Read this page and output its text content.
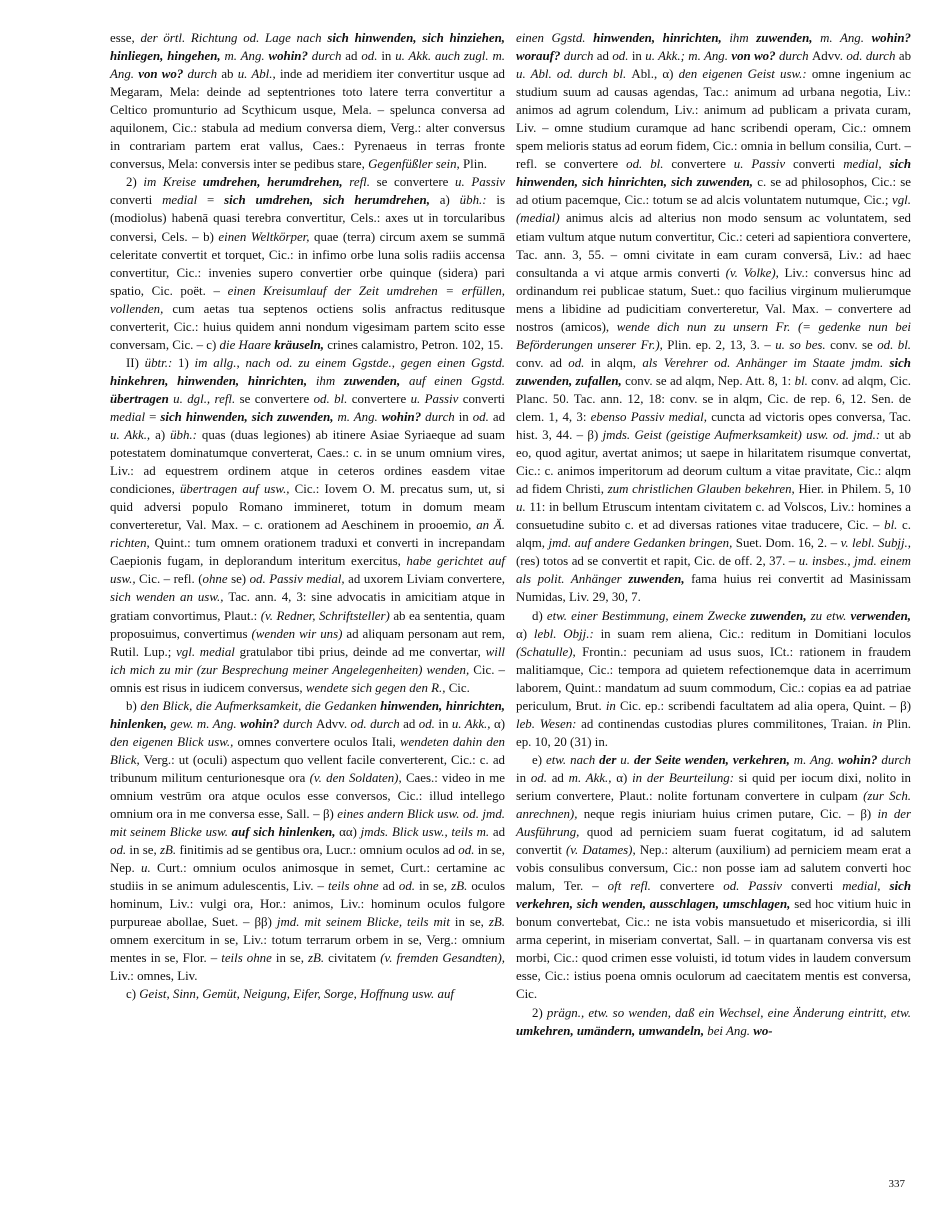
esse, der örtl. Richtung od. Lage nach sich hinwenden, sich hinziehen, hinliegen, hingehen, m. Ang. wohin? durch ad od. in u. Akk. auch zugl. m. Ang. von wo? durch ab u. Abl., inde ad meridiem iter convertitur usque ad Megaram, Mela: deinde ad septentriones toto latere terra convertitur a Celtico promunturio ad Scythicum usque, Mela. – spelunca conversa ad aquilonem, Cic.: stabula ad medium conversa diem, Verg.: alter conversus in contrariam partem erat vallus, Caes.: Pyrenaeus in terras fronte conversus, Mela: conversis inter se pedibus stare, Gegenfüßler sein, Plin.

2) im Kreise umdrehen, herumdrehen, refl. se convertere u. Passiv converti medial = sich umdrehen, sich herumdrehen, a) übh.: is (modiolus) habenā quasi terebra convertitur, Cels.: axes ut in torcularibus conversi, Cels. – b) einen Weltkörper, quae (terra) circum axem se summā celeritate convertit et torquet, Cic.: in infimo orbe luna solis radiis accensa convertitur, Cic.: invenies supero convertier orbe quinque (sidera) pari spatio, Cic. poët. – einen Kreisumlauf der Zeit umdrehen = erfüllen, vollenden, cum aetas tua septenos octiens solis anfractus reditusque converterit, Cic.: huius quidem anni nondum vigesimam partem scito esse conversam, Cic. – c) die Haare kräuseln, crines calamistro, Petron. 102, 15.

II) übtr.: 1) im allg., nach od. zu einem Ggstde., gegen einen Ggstd. hinkehren, hinwenden, hinrichten, ihm zuwenden, auf einen Ggstd. übertragen u. dgl., refl. se convertere od. bl. convertere u. Passiv converti medial = sich hinwenden, sich zuwenden, m. Ang. wohin? durch in od. ad u. Akk., a) übh.: quas (duas legiones) ab itinere Asiae Syriaeque ad suam potestatem dominatumque converterat, Caes.: c. in se unum omnium vires, Liv.: ad equestrem ordinem atque in ceteros ordines easdem vitae condiciones, übertragen auf usw., Cic.: Iovem O. M. precatus sum, ut, si quid adversi populo Romano immineret, totum in domum meam converteretur, Val. Max. – c. orationem ad Aeschinem in prooemio, an Ä. richten, Quint.: tum omnem orationem traduxi et converti in increpandam Caepionis fugam, in deplorandum interitum exercitus, habe gerichtet auf usw., Cic. – refl. (ohne se) od. Passiv medial, ad uxorem Liviam convertere, sich wenden an usw., Tac. ann. 4, 3: sine advocatis in amicitiam atque in gratiam convortimus, Plaut.: (v. Redner, Schriftsteller) ab ea sententia, quam proposuimus, convertimus (wenden wir uns) ad aliquam personam aut rem, Rutil. Lup.; vgl. medial gratulabor tibi prius, deinde ad me convertar, will ich mich zu mir (zur Besprechung meiner Angelegenheiten) wenden, Cic. – omnis est risus in iudicem conversus, wendete sich gegen den R., Cic.

b) den Blick, die Aufmerksamkeit, die Gedanken hinwenden, hinrichten, hinlenken, gew. m. Ang. wohin? durch Advv. od. durch ad od. in u. Akk., α) den eigenen Blick usw., omnes convertere oculos Itali, wendeten dahin den Blick, Verg.: ut (oculi) aspectum quo vellent facile converterent, Cic.: c. ad tribunum militum centurionesque ora (v. den Soldaten), Caes.: video in me omnium vestrūm ora atque oculos esse conversos, Cic.: illud intellego omnium ora in me conversa esse, Sall. – β) eines andern Blick usw. od. jmd. mit seinem Blicke usw. auf sich hinlenken, αα) jmds. Blick usw., teils m. ad od. in se, zB. finitimis ad se gentibus ora, Lucr.: omnium oculos ad od. in se, Nep. u. Curt.: omnium oculos animosque in semet, Curt.: certamine ac studiis in se animum adulescentis, Liv. – teils ohne ad od. in se, zB. oculos hominum, Liv.: vulgi ora, Hor.: animos, Liv.: hominum oculos fulgore purpureae abollae, Suet. – ββ) jmd. mit seinem Blicke, teils mit in se, zB. omnem exercitum in se, Liv.: totum terrarum orbem in se, Verg.: omnium mentes in se, Flor. – teils ohne in se, zB. civitatem (v. fremden Gesandten), Liv.: omnes, Liv.

c) Geist, Sinn, Gemüt, Neigung, Eifer, Sorge, Hoffnung usw. auf

einen Ggstd. hinwenden, hinrichten, ihm zuwenden, m. Ang. wohin? worauf? durch ad od. in u. Akk.; m. Ang. von wo? durch Advv. od. durch ab u. Abl. od. durch bl. Abl., α) den eigenen Geist usw.: omne ingenium ac studium suum ad causas agendas, Tac.: animum ad urbana negotia, Liv.: animos ad agrum colendum, Liv.: animum ad publicam a privata curam, Liv. – omne studium curamque ad hanc scribendi operam, Cic.: omnem spem melioris status ad eorum fidem, Cic.: omnia in bellum consilia, Curt. – refl. se convertere od. bl. convertere u. Passiv converti medial, sich hinwenden, sich hinrichten, sich zuwenden, c. se ad philosophos, Cic.: se ad otium pacemque, Cic.: totum se ad alcis voluntatem nutumque, Cic.; vgl. (medial) animus alcis ad alterius non modo sensum ac voluntatem, sed etiam vultum atque nutum convertitur, Cic.: ceteri ad sapientiora convertere, Tac. ann. 3, 55. – omni civitate in eam curam conversā, Liv.: ad haec consultanda a vi atque armis converti (v. Volke), Liv.: conversus hinc ad ordinandum rei publicae statum, Suet.: quo facilius virginum mulierumque mens a libidine ad pudicitiam converteretur, Val. Max. – convertere ad nostros (amicos), wende dich nun zu unsern Fr. (= gedenke nun bei Beförderungen unserer Fr.), Plin. ep. 2, 13, 3. – u. so bes. conv. se od. bl. conv. ad od. in alqm, als Verehrer od. Anhänger im Staate jmdm. sich zuwenden, zufallen, conv. se ad alqm, Nep. Att. 8, 1: bl. conv. ad alqm, Cic. Planc. 50. Tac. ann. 12, 18: conv. se in alqm, Cic. de rep. 6, 12. Sen. de clem. 1, 4, 3: ebenso Passiv medial, cuncta ad victoris opes conversa, Tac. hist. 3, 44. – β) jmds. Geist (geistige Aufmerksamkeit) usw. od. jmd.: ut ab eo, quod agitur, avertat animos; ut saepe in hilaritatem risumque convertat, Cic.: c. animos imperitorum ad deorum cultum a vitae pravitate, Cic.: alqm ad fidem Christi, zum christlichen Glauben bekehren, Hier. in Philem. 5, 10 u. 11: in bellum Etruscum intentam civitatem c. ad Volscos, Liv.: homines a consuetudine subito c. et ad diversas rationes vitae traducere, Cic. – bl. c. alqm, jmd. auf andere Gedanken bringen, Suet. Dom. 16, 2. – v. lebl. Subjj., (res) totos ad se convertit et rapit, Cic. de off. 2, 37. – u. insbes., jmd. einem als polit. Anhänger zuwenden, fama huius rei convertit ad Masinissam Numidas, Liv. 29, 30, 7.

d) etw. einer Bestimmung, einem Zwecke zuwenden, zu etw. verwenden, α) lebl. Objj.: in suam rem aliena, Cic.: reditum in Domitiani loculos (Schatulle), Frontin.: pecuniam ad usus suos, ICt.: rationem in fraudem malitiamque, Cic.: tempora ad quietem refectionemque data in acerrimum laborem, Quint.: mandatum ad suum commodum, Cic.: copias ea ad patriae periculum, Brut. in Cic. ep.: scribendi facultatem ad alia opera, Quint. – β) leb. Wesen: ad continendas custodias plures commilitones, Traian. in Plin. ep. 10, 20 (31) in.

e) etw. nach der u. der Seite wenden, verkehren, m. Ang. wohin? durch in od. ad m. Akk., α) in der Beurteilung: si quid per iocum dixi, nolito in serium convertere, Plaut.: nolite fortunam convertere in culpam (zur Sch. anrechnen), neque regis iniuriam huius crimen putare, Cic. – β) in der Ausführung, quod ad perniciem suam fuerat cogitatum, id ad salutem convertit (v. Datames), Nep.: alterum (auxilium) ad perniciem meam erat a vobis consulibus conversum, Cic.: non posse iam ad salutem converti hoc malum, Ter. – oft refl. convertere od. Passiv converti medial, sich verkehren, sich wenden, ausschlagen, umschlagen, sed hoc vitium huic in bonum convertebat, Cic.: ne ista vobis mansuetudo et misericordia, si illi arma ceperint, in miseriam convertat, Sall. – in quartanam conversa vis est morbi, Cic.: quod crimen esse voluisti, id totum vides in laudem conversum esse, Cic.: istius poena omnis oculorum ad caecitatem mentis est conversa, Cic.

2) prägn., etw. so wenden, daß ein Wechsel, eine Änderung eintritt, etw. umkehren, umändern, umwandeln, bei Ang. wo-

337
